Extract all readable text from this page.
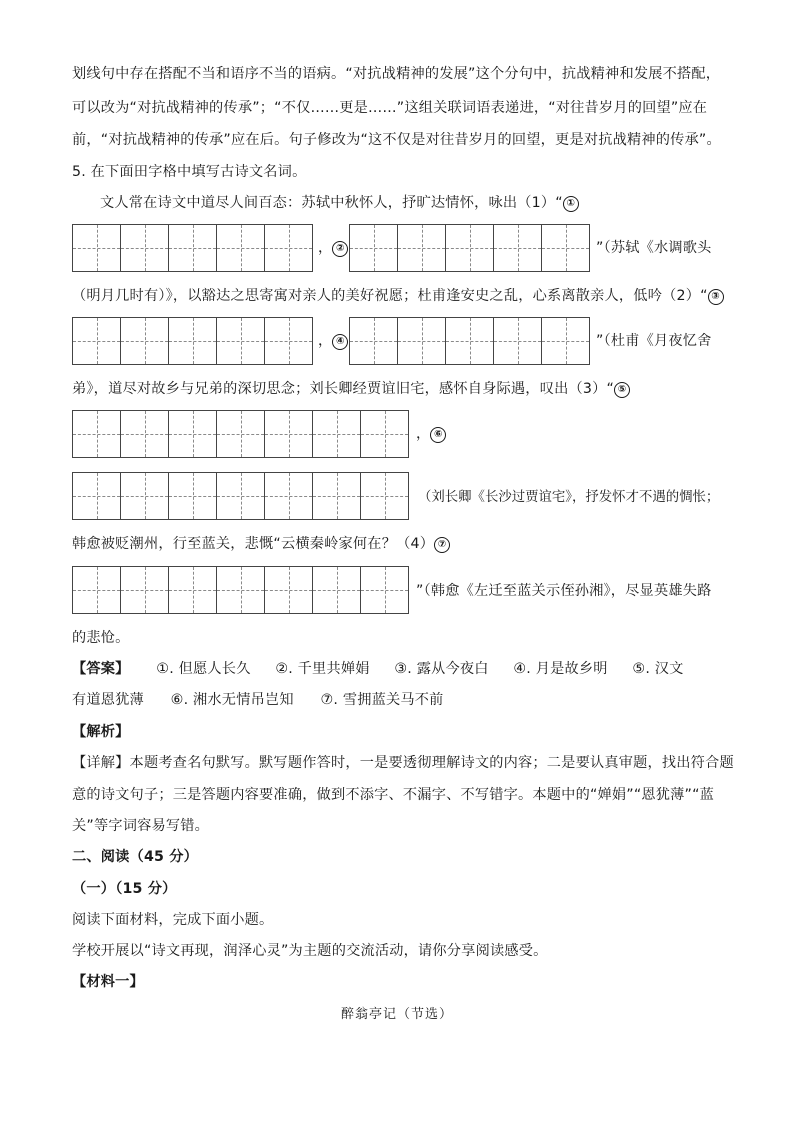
划线句中存在搭配不当和语序不当的语病。“对抗战精神的发展”这个分句中，抗战精神和发展不搭配，
可以改为“对抗战精神的传承”；“不仅……更是……”这组关联词语表递进，“对往昔岁月的回望”应在
前，“对抗战精神的传承”应在后。句子修改为“这不仅是对往昔岁月的回望，更是对抗战精神的传承”。
5. 在下面田字格中填写古诗文名词。
文人常在诗文中道尽人间百态：苏轼中秋怀人，抒旷达情怀，咏出（1）“ ①
， ②	”（苏轼《水调歌头
（明月几时有）》，以豁达之思寄寓对亲人的美好祝愿；杜甫逢安史之乱，心系离散亲人，低吟（2）“ ③
， ④	”（杜甫《月夜忆舍
弟》，道尽对故乡与兄弟的深切思念；刘长卿经贾谊旧宅，感怀自身际遇，叹出（3）“ ⑤
， ⑥
（刘长卿《长沙过贾谊宅》，抒发怀才不遇的惆怅；
韩愈被贬潮州，行至蓝关，悲慨“云横秦岭家何在？（4） ⑦
”（韩愈《左迁至蓝关示侄孙湘》，尽显英雄失路
的悲怆。
【答案】 ①. 但愿人长久 ②. 千里共婵娟 ③. 露从今夜白 ④. 月是故乡明 ⑤. 汉文
有道恩犹薄 ⑥. 湘水无情吊岂知 ⑦. 雪拥蓝关马不前
【解析】
【详解】本题考查名句默写。默写题作答时，一是要透彻理解诗文的内容；二是要认真审题，找出符合题
意的诗文句子；三是答题内容要准确，做到不添字、不漏字、不写错字。本题中的“婵娟”“恩犹薄”“蓝
关”等字词容易写错。
二、阅读（45 分）
（一）（15 分）
阅读下面材料，完成下面小题。
学校开展以“诗文再现，润泽心灵”为主题的交流活动，请你分享阅读感受。
【材料一】
醉翁亭记（节选）
